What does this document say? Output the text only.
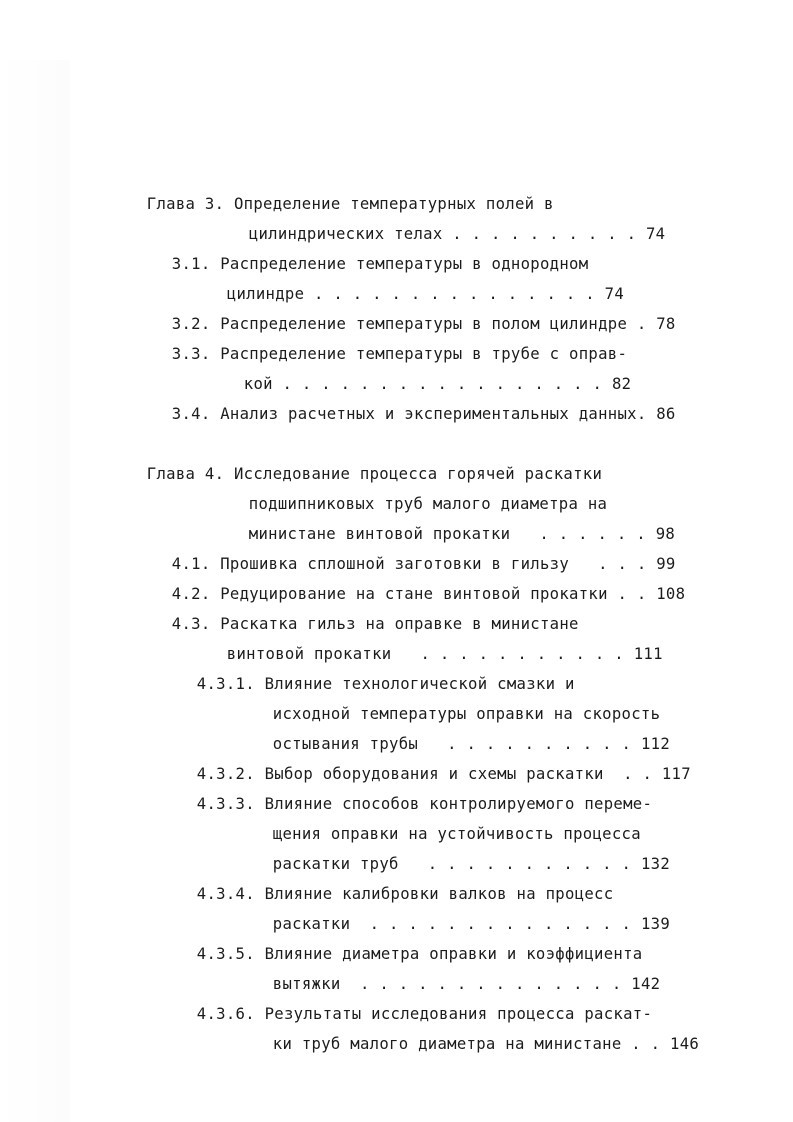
Глава 3. Определение температурных полей в

цилиндрических телах . . . . . . . . . . 74

3.1. Распределение температуры в однородном

цилиндре . . . . . . . . . . . . . . . 74

3.2. Распределение температуры в полом цилиндре . 78

3.3. Распределение температуры в трубе с оправ-

кой . . . . . . . . . . . . . . . . . 82

3.4. Анализ расчетных и экспериментальных данных. 86

Глава 4. Исследование процесса горячей раскатки

подшипниковых труб малого диаметра на

министане винтовой прокатки   . . . . . . 98

4.1. Прошивка сплошной заготовки в гильзу   . . . 99

4.2. Редуцирование на стане винтовой прокатки . . 108

4.3. Раскатка гильз на оправке в министане

винтовой прокатки   . . . . . . . . . . . 111

4.3.1. Влияние технологической смазки и

исходной температуры оправки на скорость

остывания трубы   . . . . . . . . . . 112

4.3.2. Выбор оборудования и схемы раскатки  . . 117

4.3.3. Влияние способов контролируемого переме-

щения оправки на устойчивость процесса

раскатки труб   . . . . . . . . . . . 132

4.3.4. Влияние калибровки валков на процесс

раскатки  . . . . . . . . . . . . . . 139

4.3.5. Влияние диаметра оправки и коэффициента

вытяжки  . . . . . . . . . . . . . . 142

4.3.6. Результаты исследования процесса раскат-

ки труб малого диаметра на министане . . 146
